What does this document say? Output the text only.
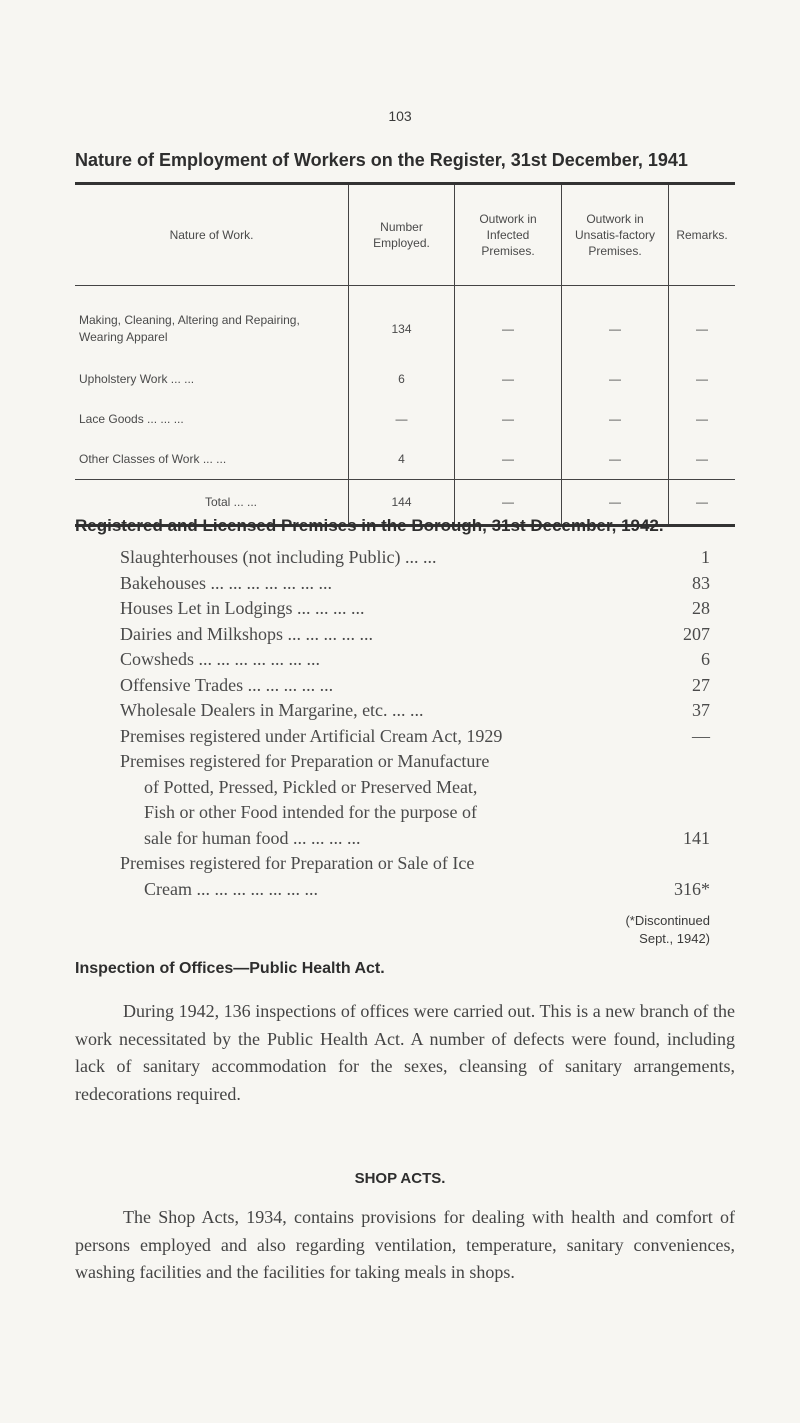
103
Nature of Employment of Workers on the Register, 31st December, 1941
Nature of Work.	Number Employed.	Outwork in Infected Premises.	Outwork in Unsatis-factory Premises.	Remarks.
Making, Cleaning, Altering and Repairing, Wearing Apparel	134	—	—	—
Upholstery Work ... ...	6	—	—	—
Lace Goods ... ... ...	—	—	—	—
Other Classes of Work ... ...	4	—	—	—
Total ... ...	144	—	—	—
Registered and Licensed Premises in the Borough, 31st December, 1942.
Slaughterhouses (not including Public) ... ...	1
Bakehouses ... ... ... ... ... ... ...	83
Houses Let in Lodgings ... ... ... ...	28
Dairies and Milkshops ... ... ... ... ...	207
Cowsheds ... ... ... ... ... ... ...	6
Offensive Trades ... ... ... ... ...	27
Wholesale Dealers in Margarine, etc. ... ...	37
Premises registered under Artificial Cream Act, 1929	—
Premises registered for Preparation or Manufacture
of Potted, Pressed, Pickled or Preserved Meat,
Fish or other Food intended for the purpose of
sale for human food ... ... ... ...	141
Premises registered for Preparation or Sale of Ice
Cream ... ... ... ... ... ... ...	316*
(*Discontinued
Sept., 1942)
Inspection of Offices—Public Health Act.
During 1942, 136 inspections of offices were carried out. This is a new branch of the work necessitated by the Public Health Act. A number of defects were found, including lack of sanitary accommodation for the sexes, cleansing of sanitary arrangements, redecorations required.
SHOP ACTS.
The Shop Acts, 1934, contains provisions for dealing with health and comfort of persons employed and also regarding ventilation, temperature, sanitary conveniences, washing facilities and the facilities for taking meals in shops.
